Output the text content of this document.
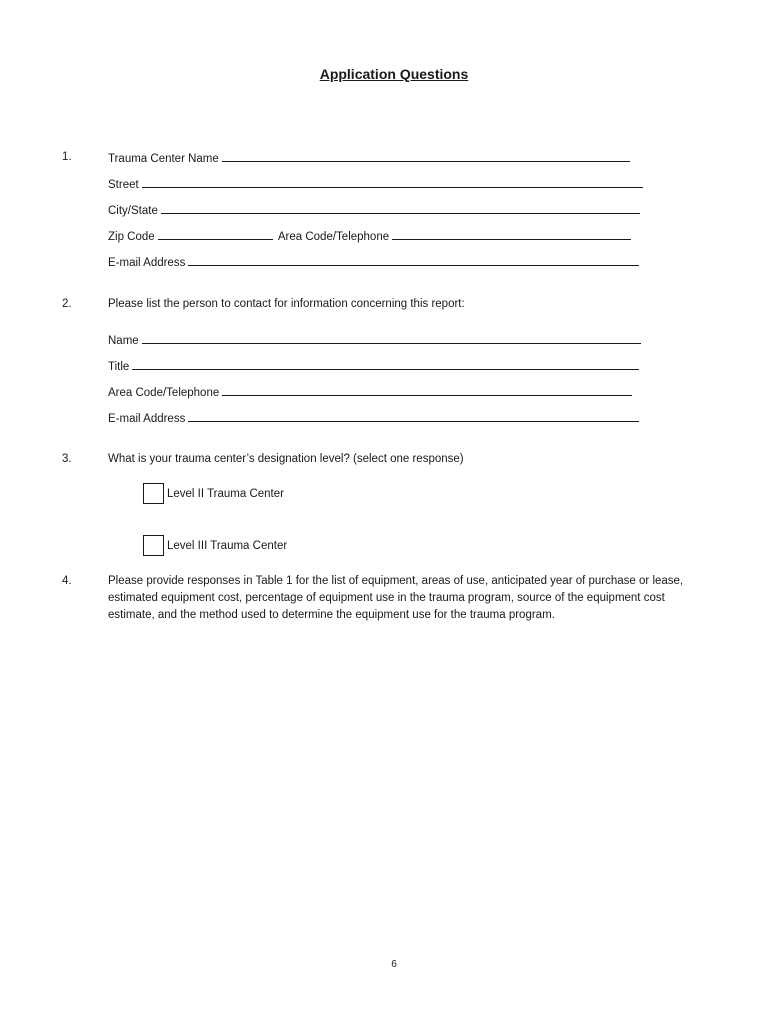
Application Questions
1.	Trauma Center Name
Street
City/State
Zip Code	Area Code/Telephone
E-mail Address
2.	Please list the person to contact for information concerning this report:
Name
Title
Area Code/Telephone
E-mail Address
3.	What is your trauma center’s designation level? (select one response)
Level II Trauma Center
Level III Trauma Center
4.	Please provide responses in Table 1 for the list of equipment, areas of use, anticipated year of purchase or lease, estimated equipment cost, percentage of equipment use in the trauma program, source of the equipment cost estimate, and the method used to determine the equipment use for the trauma program.
6
